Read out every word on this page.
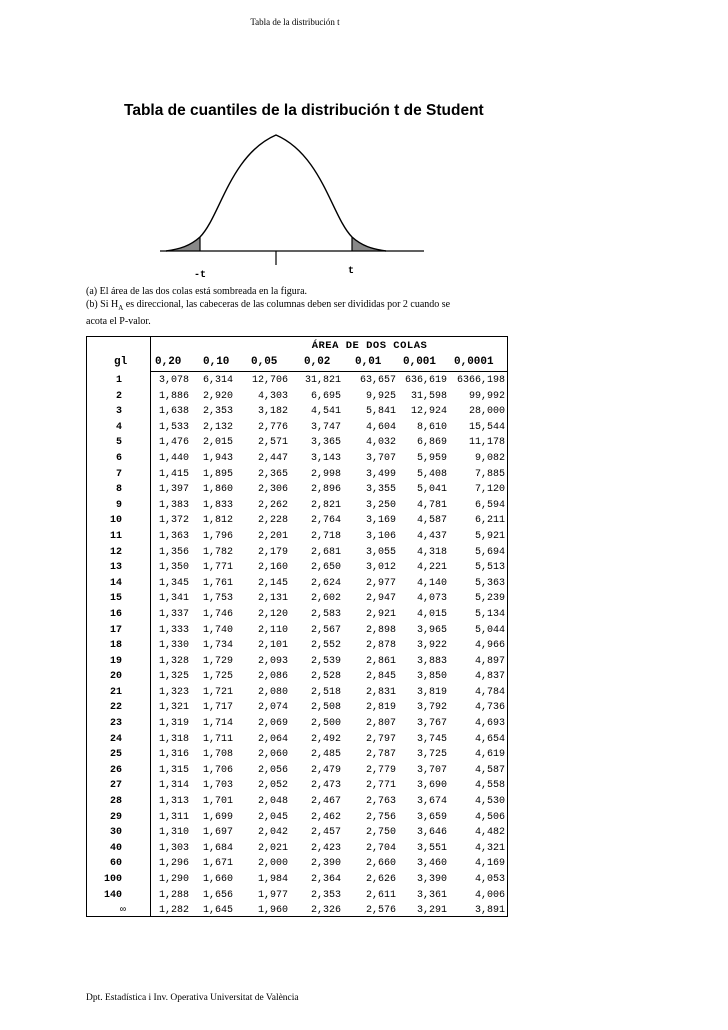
Tabla de la distribución t
Tabla de cuantiles de la distribución t de Student
-t	t

(a) El área de las dos colas está sombreada en la figura.

(b) Si $H_A$ es direccional, las cabeceras de las columnas deben ser divididas por 2 cuando se

acota el P-valor.

ÁREA DE DOS COLAS
gl	0,20 0,10 0,05 0,02 0,01 0,001 0,0001
1	3,078	6,314	12,706	31,821	63,657 636,619 6366,198
2	1,886	2,920	4,303	6,695	9,925	31,598	99,992
3	1,638	2,353	3,182	4,541	5,841	12,924	28,000
4	1,533	2,132	2,776	3,747	4,604	8,610	15,544
5	1,476	2,015	2,571	3,365	4,032	6,869	11,178
6	1,440	1,943	2,447	3,143	3,707	5,959	9,082
7	1,415	1,895	2,365	2,998	3,499	5,408	7,885
8	1,397	1,860	2,306	2,896	3,355	5,041	7,120
9	1,383	1,833	2,262	2,821	3,250	4,781	6,594
10	1,372	1,812	2,228	2,764	3,169	4,587	6,211
11	1,363	1,796	2,201	2,718	3,106	4,437	5,921
12	1,356	1,782	2,179	2,681	3,055	4,318	5,694
13	1,350	1,771	2,160	2,650	3,012	4,221	5,513
14	1,345	1,761	2,145	2,624	2,977	4,140	5,363
15	1,341	1,753	2,131	2,602	2,947	4,073	5,239
16	1,337	1,746	2,120	2,583	2,921	4,015	5,134
17	1,333	1,740	2,110	2,567	2,898	3,965	5,044
18	1,330	1,734	2,101	2,552	2,878	3,922	4,966
19	1,328	1,729	2,093	2,539	2,861	3,883	4,897
20	1,325	1,725	2,086	2,528	2,845	3,850	4,837
21	1,323	1,721	2,080	2,518	2,831	3,819	4,784
22	1,321	1,717	2,074	2,508	2,819	3,792	4,736
23	1,319	1,714	2,069	2,500	2,807	3,767	4,693
24	1,318	1,711	2,064	2,492	2,797	3,745	4,654
25	1,316	1,708	2,060	2,485	2,787	3,725	4,619
26	1,315	1,706	2,056	2,479	2,779	3,707	4,587
27	1,314	1,703	2,052	2,473	2,771	3,690	4,558
28	1,313	1,701	2,048	2,467	2,763	3,674	4,530
29	1,311	1,699	2,045	2,462	2,756	3,659	4,506
30	1,310	1,697	2,042	2,457	2,750	3,646	4,482
40	1,303	1,684	2,021	2,423	2,704	3,551	4,321
60	1,296	1,671	2,000	2,390	2,660	3,460	4,169
100	1,290	1,660	1,984	2,364	2,626	3,390	4,053
140	1,288	1,656	1,977	2,353	2,611	3,361	4,006
∞	1,282	1,645	1,960	2,326	2,576	3,291	3,891
Dpt. Estadística i Inv. Operativa Universitat de València
